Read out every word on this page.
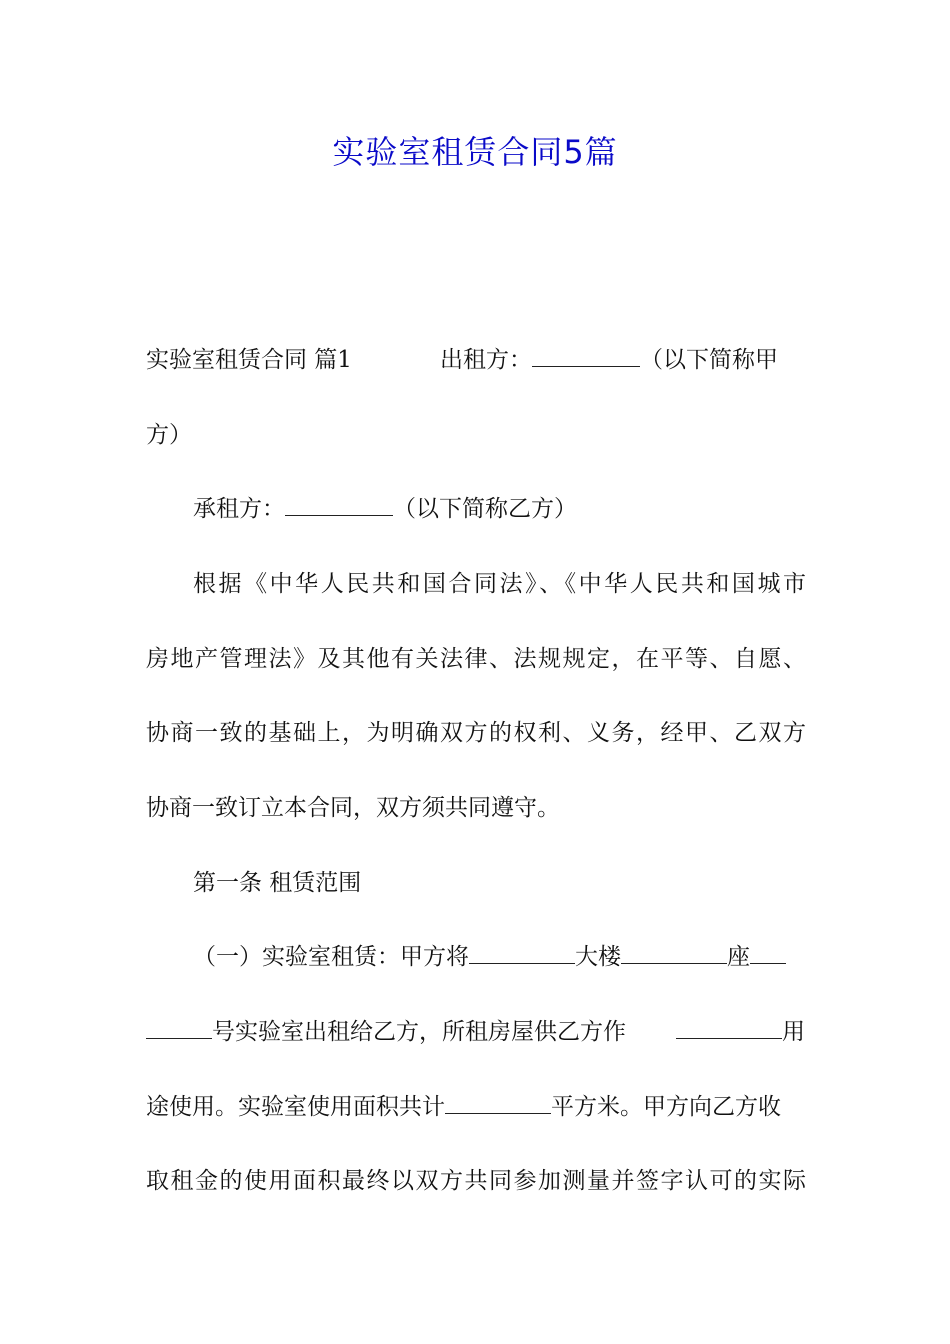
实验室租赁合同5篇
实验室租赁合同 篇1	出租方：	（以下简称甲
方）
承租方：	（以下简称乙方）
根据《中华人民共和国合同法》、《中华人民共和国城市
房地产管理法》及其他有关法律、法规规定，在平等、自愿、
协商一致的基础上，为明确双方的权利、义务，经甲、乙双方
协商一致订立本合同，双方须共同遵守。
第一条 租赁范围
（一）实验室租赁：甲方将	大楼	座
号实验室出租给乙方，所租房屋供乙方作	用
途使用。实验室使用面积共计	平方米。甲方向乙方收
取租金的使用面积最终以双方共同参加测量并签字认可的实际
